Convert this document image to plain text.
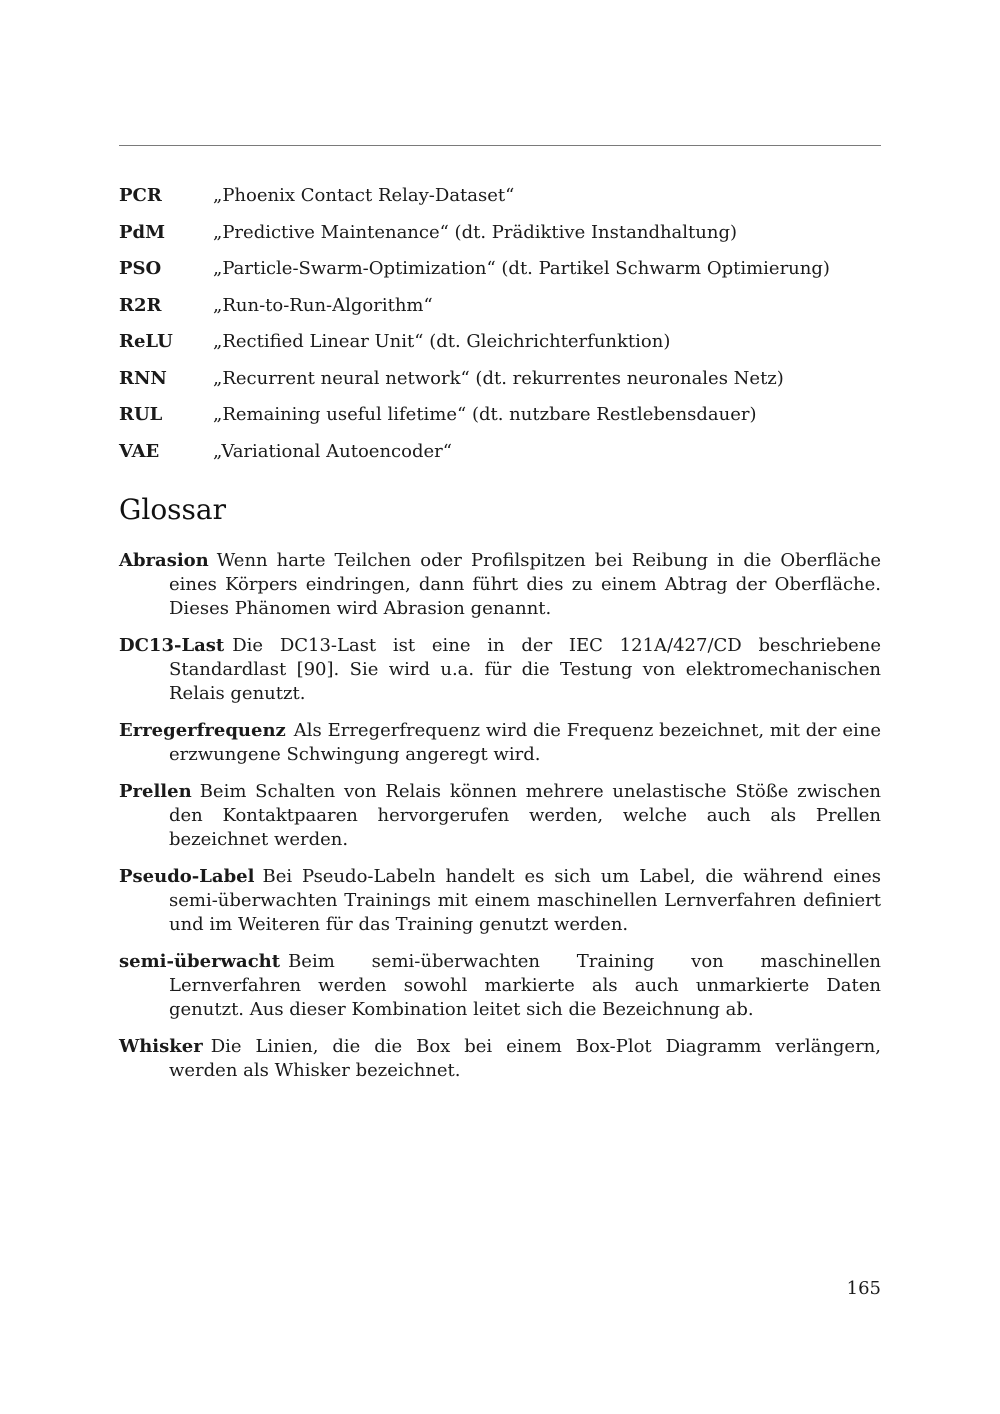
PCR	„Phoenix Contact Relay-Dataset“
PdM	„Predictive Maintenance“ (dt. Prädiktive Instandhaltung)
PSO	„Particle-Swarm-Optimization“ (dt. Partikel Schwarm Optimierung)
R2R	„Run-to-Run-Algorithm“
ReLU	„Rectified Linear Unit“ (dt. Gleichrichterfunktion)
RNN	„Recurrent neural network“ (dt. rekurrentes neuronales Netz)
RUL	„Remaining useful lifetime“ (dt. nutzbare Restlebensdauer)
VAE	„Variational Autoencoder“
Glossar

Abrasion Wenn harte Teilchen oder Profilspitzen bei Reibung in die Oberfläche eines Körpers eindringen, dann führt dies zu einem Abtrag der Oberfläche. Dieses Phänomen wird Abrasion genannt.

DC13-Last Die DC13-Last ist eine in der IEC 121A/427/CD beschriebene Standardlast [90]. Sie wird u.a. für die Testung von elektromechanischen Relais genutzt.

Erregerfrequenz Als Erregerfrequenz wird die Frequenz bezeichnet, mit der eine erzwungene Schwingung angeregt wird.

Prellen Beim Schalten von Relais können mehrere unelastische Stöße zwischen den Kontaktpaaren hervorgerufen werden, welche auch als Prellen bezeichnet werden.

Pseudo-Label Bei Pseudo-Labeln handelt es sich um Label, die während eines semi-überwachten Trainings mit einem maschinellen Lernverfahren definiert und im Weiteren für das Training genutzt werden.

semi-überwacht Beim semi-überwachten Training von maschinellen Lernverfahren werden sowohl markierte als auch unmarkierte Daten genutzt. Aus dieser Kombination leitet sich die Bezeichnung ab.

Whisker Die Linien, die die Box bei einem Box-Plot Diagramm verlängern, werden als Whisker bezeichnet.

165
